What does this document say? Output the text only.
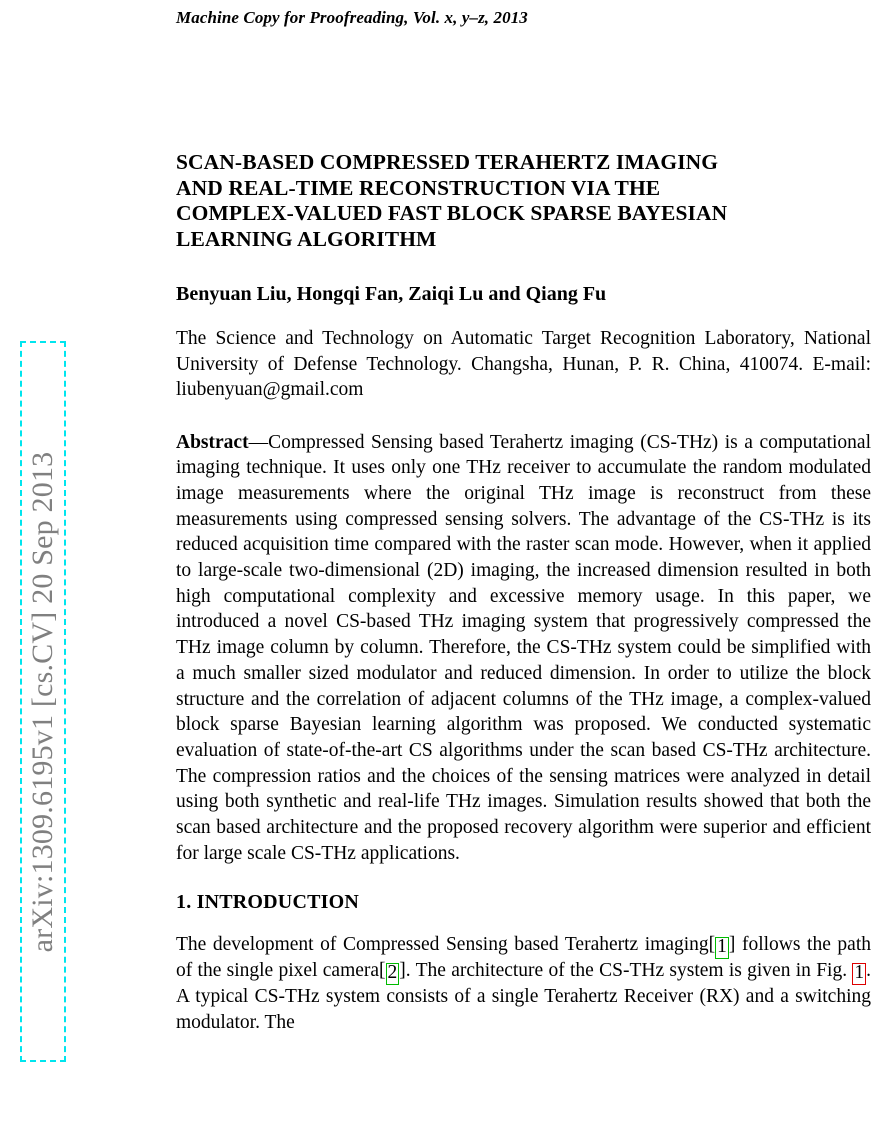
arXiv:1309.6195v1 [cs.CV] 20 Sep 2013
Machine Copy for Proofreading, Vol. x, y–z, 2013
SCAN-BASED COMPRESSED TERAHERTZ IMAGING
AND REAL-TIME RECONSTRUCTION VIA THE
COMPLEX-VALUED FAST BLOCK SPARSE BAYESIAN
LEARNING ALGORITHM
Benyuan Liu, Hongqi Fan, Zaiqi Lu and Qiang Fu
The Science and Technology on Automatic Target Recognition Laboratory, National University of Defense Technology. Changsha, Hunan, P. R. China, 410074. E-mail: liubenyuan@gmail.com
Abstract—Compressed Sensing based Terahertz imaging (CS-THz) is a computational imaging technique. It uses only one THz receiver to accumulate the random modulated image measurements where the original THz image is reconstruct from these measurements using compressed sensing solvers. The advantage of the CS-THz is its reduced acquisition time compared with the raster scan mode. However, when it applied to large-scale two-dimensional (2D) imaging, the increased dimension resulted in both high computational complexity and excessive memory usage. In this paper, we introduced a novel CS-based THz imaging system that progressively compressed the THz image column by column. Therefore, the CS-THz system could be simplified with a much smaller sized modulator and reduced dimension. In order to utilize the block structure and the correlation of adjacent columns of the THz image, a complex-valued block sparse Bayesian learning algorithm was proposed. We conducted systematic evaluation of state-of-the-art CS algorithms under the scan based CS-THz architecture. The compression ratios and the choices of the sensing matrices were analyzed in detail using both synthetic and real-life THz images. Simulation results showed that both the scan based architecture and the proposed recovery algorithm were superior and efficient for large scale CS-THz applications.
1. INTRODUCTION
The development of Compressed Sensing based Terahertz imaging[ 1 ] follows the path of the single pixel camera[ 2 ]. The architecture of the CS-THz system is given in Fig. 1 . A typical CS-THz system consists of a single Terahertz Receiver (RX) and a switching modulator. The
